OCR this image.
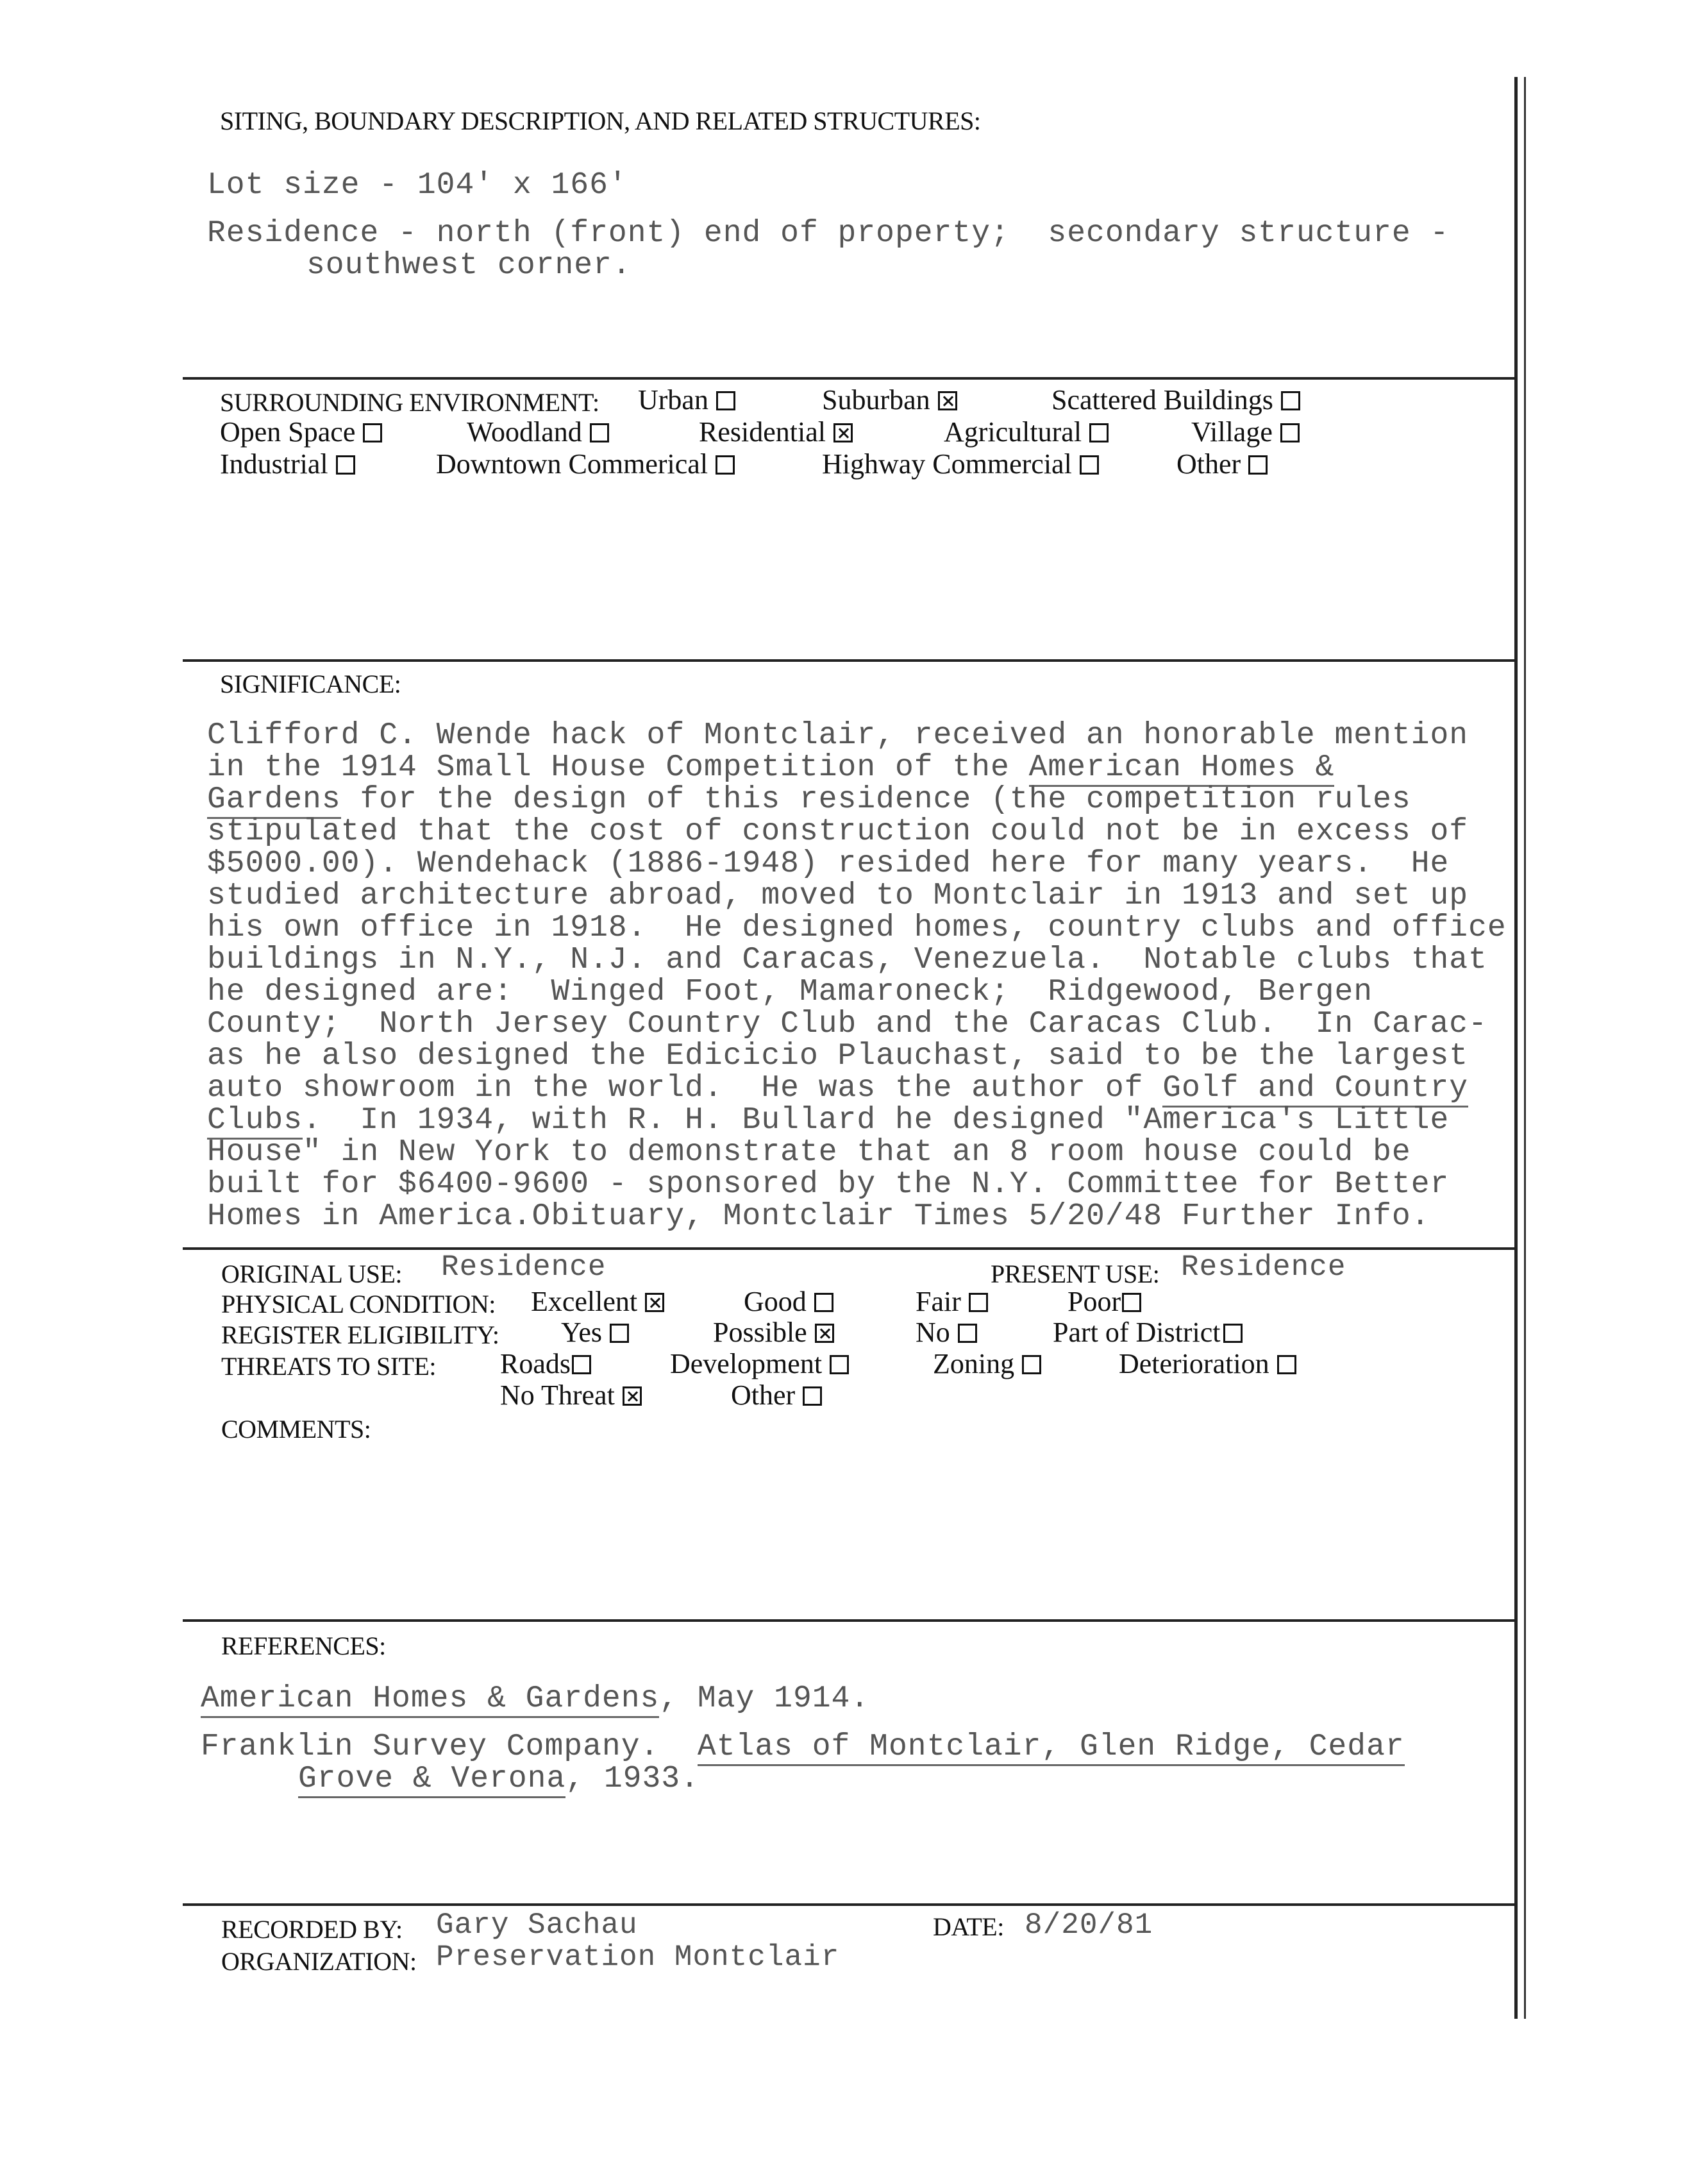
SITING, BOUNDARY DESCRIPTION, AND RELATED STRUCTURES:
Lot size - 104' x 166'
Residence - north (front) end of property;  secondary structure -
southwest corner.
SURROUNDING ENVIRONMENT: Urban	Suburban	Scattered Buildings
Open Space	Woodland	Residential	Agricultural	Village
Industrial	Downtown Commerical	Highway Commercial	Other
SIGNIFICANCE:
Clifford C. Wende hack of Montclair, received an honorable mention
in the 1914 Small House Competition of the American Homes &
Gardens for the design of this residence (the competition rules
stipulated that the cost of construction could not be in excess of
$5000.00). Wendehack (1886-1948) resided here for many years.  He
studied architecture abroad, moved to Montclair in 1913 and set up
his own office in 1918.  He designed homes, country clubs and office
buildings in N.Y., N.J. and Caracas, Venezuela.  Notable clubs that
he designed are:  Winged Foot, Mamaroneck;  Ridgewood, Bergen
County;  North Jersey Country Club and the Caracas Club.  In Carac-
as he also designed the Edicicio Plauchast, said to be the largest
auto showroom in the world.  He was the author of Golf and Country
Clubs.  In 1934, with R. H. Bullard he designed "America's Little
House" in New York to demonstrate that an 8 room house could be
built for $6400-9600 - sponsored by the N.Y. Committee for Better
Homes in America.Obituary, Montclair Times 5/20/48 Further Info.
ORIGINAL USE: Residence	PRESENT USE: Residence
PHYSICAL CONDITION: Excellent	Good	Fair	Poor
REGISTER ELIGIBILITY: Yes	Possible	No	Part of District
THREATS TO SITE: Roads	Development	Zoning	Deterioration
No Threat	Other
COMMENTS:
REFERENCES:
American Homes & Gardens, May 1914.
Franklin Survey Company.  Atlas of Montclair, Glen Ridge, Cedar
Grove & Verona, 1933.
RECORDED BY: Gary Sachau	DATE: 8/20/81
ORGANIZATION: Preservation Montclair
